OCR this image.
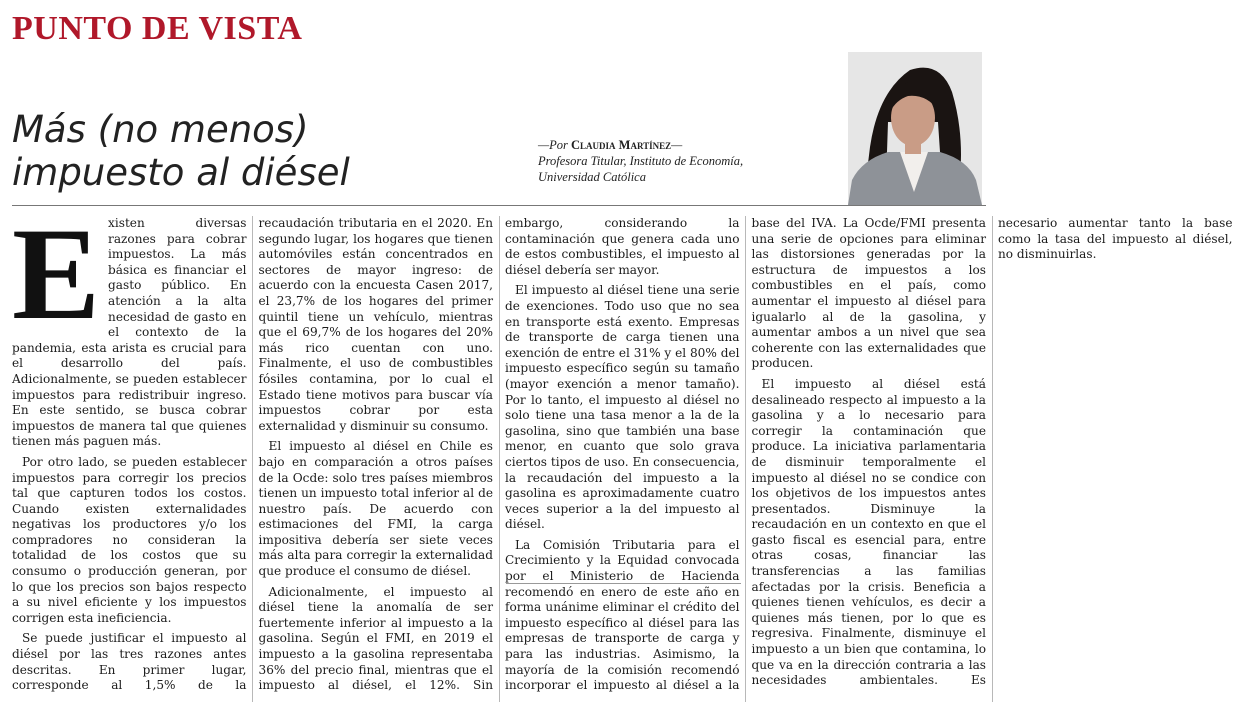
PUNTO DE VISTA
Más (no menos)
impuesto al diésel
—Por Claudia Martínez—
Profesora Titular, Instituto de Economía, Universidad Católica
E xisten diversas razones para cobrar impuestos. La más básica es financiar el gasto público. En atención a la alta necesidad de gasto en el contexto de la pandemia, esta arista es crucial para el desarrollo del país. Adicionalmente, se pueden establecer impuestos para redistribuir ingreso. En este sentido, se busca cobrar impuestos de manera tal que quienes tienen más paguen más.

Por otro lado, se pueden establecer impuestos para corregir los precios tal que capturen todos los costos. Cuando existen externalidades negativas los productores y/o los compradores no consideran la totalidad de los costos que su consumo o producción generan, por lo que los precios son bajos respecto a su nivel eficiente y los impuestos corrigen esta ineficiencia.

Se puede justificar el impuesto al diésel por las tres razones antes descritas. En primer lugar, corresponde al 1,5% de la recaudación tributaria en el 2020. En segundo lugar, los hogares que tienen automóviles están concentrados en sectores de mayor ingreso: de acuerdo con la encuesta Casen 2017, el 23,7% de los hogares del primer quintil tiene un vehículo, mientras que el 69,7% de los hogares del 20% más rico cuentan con uno. Finalmente, el uso de combustibles fósiles contamina, por lo cual el Estado tiene motivos para buscar vía impuestos cobrar por esta externalidad y disminuir su consumo.

El impuesto al diésel en Chile es bajo en comparación a otros países de la Ocde: solo tres países miembros tienen un impuesto total inferior al de nuestro país. De acuerdo con estimaciones del FMI, la carga impositiva debería ser siete veces más alta para corregir la externalidad que produce el consumo de diésel.

Adicionalmente, el impuesto al diésel tiene la anomalía de ser fuertemente inferior al impuesto a la gasolina. Según el FMI, en 2019 el impuesto a la gasolina representaba 36% del precio final, mientras que el impuesto al diésel, el 12%. Sin embargo, considerando la contaminación que genera cada uno de estos combustibles, el impuesto al diésel debería ser mayor.

El impuesto al diésel tiene una serie de exenciones. Todo uso que no sea en transporte está exento. Empresas de transporte de carga tienen una exención de entre el 31% y el 80% del impuesto específico según su tamaño (mayor exención a menor tamaño). Por lo tanto, el impuesto al diésel no solo tiene una tasa menor a la de la gasolina, sino que también una base menor, en cuanto que solo grava ciertos tipos de uso. En consecuencia, la recaudación del impuesto a la gasolina es aproximadamente cuatro veces superior a la del impuesto al diésel.

La Comisión Tributaria para el Crecimiento y la Equidad convocada por el Ministerio de Hacienda recomendó en enero de este año en forma unánime eliminar el crédito del impuesto específico al diésel para las empresas de transporte de carga y para las industrias. Asimismo, la mayoría de la comisión recomendó incorporar el impuesto al diésel a la base del IVA. La Ocde/FMI presenta una serie de opciones para eliminar las distorsiones generadas por la estructura de impuestos a los combustibles en el país, como aumentar el impuesto al diésel para igualarlo al de la gasolina, y aumentar ambos a un nivel que sea coherente con las externalidades que producen.

El impuesto al diésel está desalineado respecto al impuesto a la gasolina y a lo necesario para corregir la contaminación que produce. La iniciativa parlamentaria de disminuir temporalmente el impuesto al diésel no se condice con los objetivos de los impuestos antes presentados. Disminuye la recaudación en un contexto en que el gasto fiscal es esencial para, entre otras cosas, financiar las transferencias a las familias afectadas por la crisis. Beneficia a quienes tienen vehículos, es decir a quienes más tienen, por lo que es regresiva. Finalmente, disminuye el impuesto a un bien que contamina, lo que va en la dirección contraria a las necesidades ambientales. Es necesario aumentar tanto la base como la tasa del impuesto al diésel, no disminuirlas.
